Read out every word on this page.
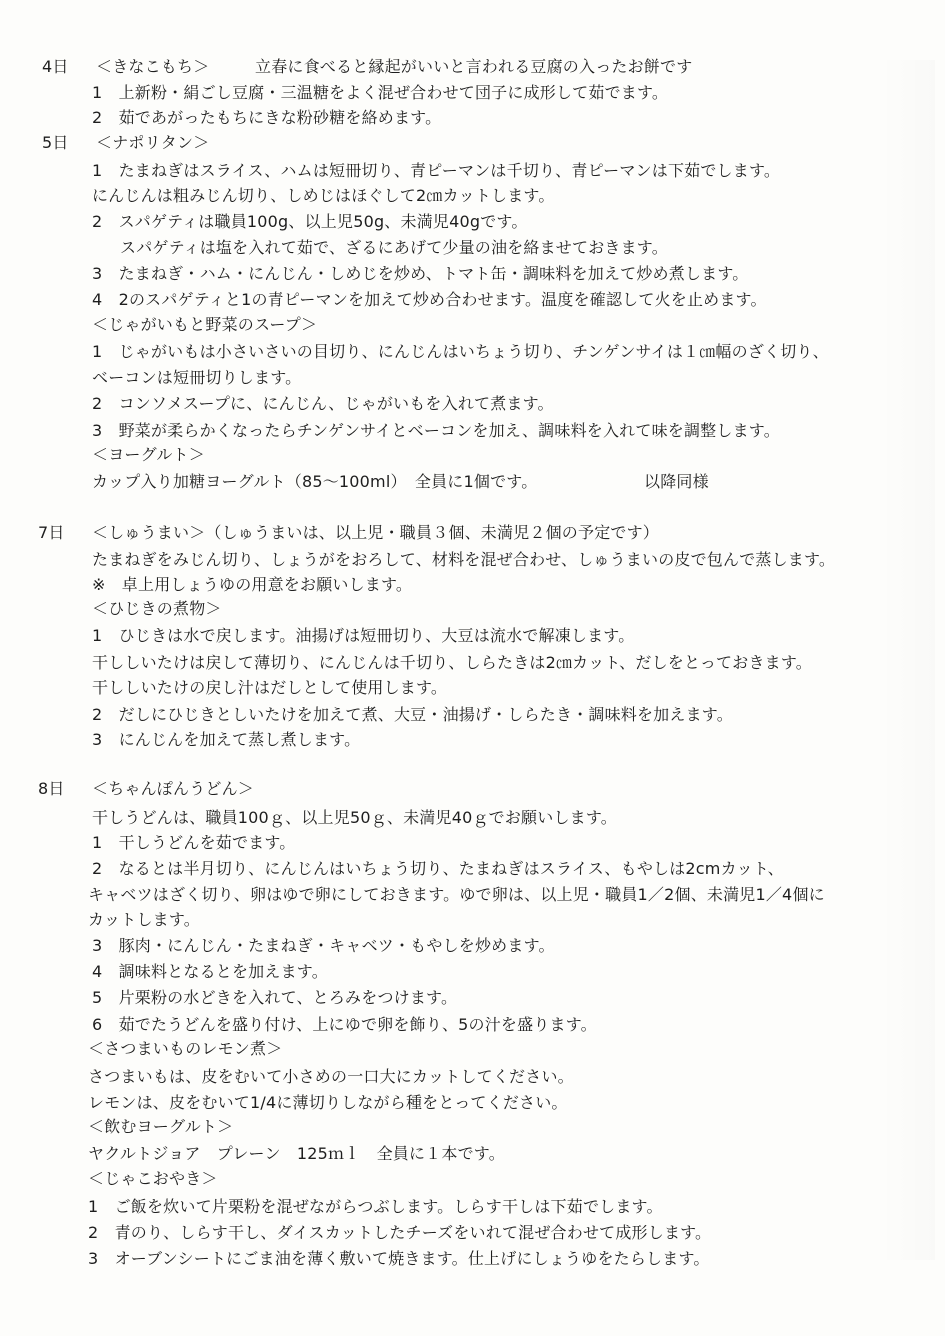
4日 ＜きなこもち＞	立春に食べると縁起がいいと言われる豆腐の入ったお餅です
1　上新粉・絹ごし豆腐・三温糖をよく混ぜ合わせて団子に成形して茹でます。
2　茹であがったもちにきな粉砂糖を絡めます。
5日 ＜ナポリタン＞
1　たまねぎはスライス、ハムは短冊切り、青ピーマンは千切り、青ピーマンは下茹でします。
にんじんは粗みじん切り、しめじはほぐして2㎝カットします。
2　スパゲティは職員100g、以上児50g、未満児40gです。
スパゲティは塩を入れて茹で、ざるにあげて少量の油を絡ませておきます。
3　たまねぎ・ハム・にんじん・しめじを炒め、トマト缶・調味料を加えて炒め煮します。
4　2のスパゲティと1の青ピーマンを加えて炒め合わせます。温度を確認して火を止めます。
＜じゃがいもと野菜のスープ＞
1　じゃがいもは小さいさいの目切り、にんじんはいちょう切り、チンゲンサイは１㎝幅のざく切り、
ベーコンは短冊切りします。
2　コンソメスープに、にんじん、じゃがいもを入れて煮ます。
3　野菜が柔らかくなったらチンゲンサイとベーコンを加え、調味料を入れて味を調整します。
＜ヨーグルト＞
カップ入り加糖ヨーグルト（85～100ml）　全員に1個です。	以降同様
7日 ＜しゅうまい＞（しゅうまいは、以上児・職員３個、未満児２個の予定です）
たまねぎをみじん切り、しょうがをおろして、材料を混ぜ合わせ、しゅうまいの皮で包んで蒸します。
※　卓上用しょうゆの用意をお願いします。
＜ひじきの煮物＞
1　ひじきは水で戻します。油揚げは短冊切り、大豆は流水で解凍します。
干ししいたけは戻して薄切り、にんじんは千切り、しらたきは2㎝カット、だしをとっておきます。
干ししいたけの戻し汁はだしとして使用します。
2　だしにひじきとしいたけを加えて煮、大豆・油揚げ・しらたき・調味料を加えます。
3　にんじんを加えて蒸し煮します。
8日 ＜ちゃんぽんうどん＞
干しうどんは、職員100ｇ、以上児50ｇ、未満児40ｇでお願いします。
1　干しうどんを茹でます。
2　なるとは半月切り、にんじんはいちょう切り、たまねぎはスライス、もやしは2cmカット、
キャベツはざく切り、卵はゆで卵にしておきます。ゆで卵は、以上児・職員1／2個、未満児1／4個に
カットします。
3　豚肉・にんじん・たまねぎ・キャベツ・もやしを炒めます。
4　調味料となるとを加えます。
5　片栗粉の水どきを入れて、とろみをつけます。
6　茹でたうどんを盛り付け、上にゆで卵を飾り、5の汁を盛ります。
＜さつまいものレモン煮＞
さつまいもは、皮をむいて小さめの一口大にカットしてください。
レモンは、皮をむいて1/4に薄切りしながら種をとってください。
＜飲むヨーグルト＞
ヤクルトジョア　プレーン　125ｍｌ　全員に１本です。
＜じゃこおやき＞
1　ご飯を炊いて片栗粉を混ぜながらつぶします。しらす干しは下茹でします。
2　青のり、しらす干し、ダイスカットしたチーズをいれて混ぜ合わせて成形します。
3　オーブンシートにごま油を薄く敷いて焼きます。仕上げにしょうゆをたらします。
